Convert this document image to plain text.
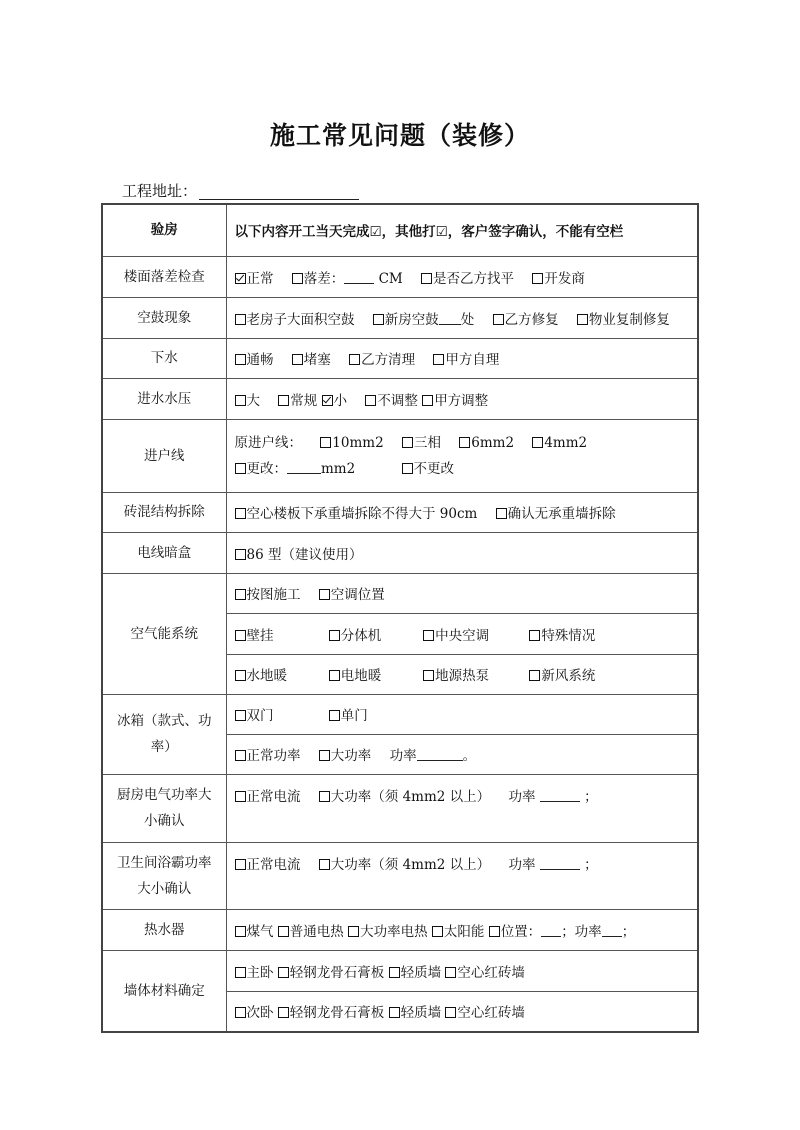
施工常见问题（装修）
工程地址：
验房	以下内容开工当天完成☑，其他打☑，客户签字确认，不能有空栏
楼面落差检查	正常 落差： CM 是否乙方找平 开发商
空鼓现象	老房子大面积空鼓 新房空鼓 处 乙方修复 物业复制修复
下水	通畅 堵塞 乙方清理 甲方自理
进水水压	大 常规 小 不调整 甲方调整
进户线	原进户线： 10mm2 三相 6mm2 4mm2
更改： mm2 不更改

砖混结构拆除	空心楼板下承重墙拆除不得大于 90cm 确认无承重墙拆除
电线暗盒	86 型（建议使用）
空气能系统	按图施工 空调位置
	壁挂 分体机 中央空调 特殊情况
	水地暖 电地暖 地源热泵 新风系统
冰箱（款式、功率）	双门 单门
	正常功率 大功率 功率 。
厨房电气功率大小确认	正常电流 大功率（须 4mm2 以上） 功率 ；
卫生间浴霸功率大小确认	正常电流 大功率（须 4mm2 以上） 功率 ；
热水器	煤气 普通电热 大功率电热 太阳能 位置： ；功率 ；
墙体材料确定	主卧 轻钢龙骨石膏板 轻质墙 空心红砖墙
	次卧 轻钢龙骨石膏板 轻质墙 空心红砖墙
